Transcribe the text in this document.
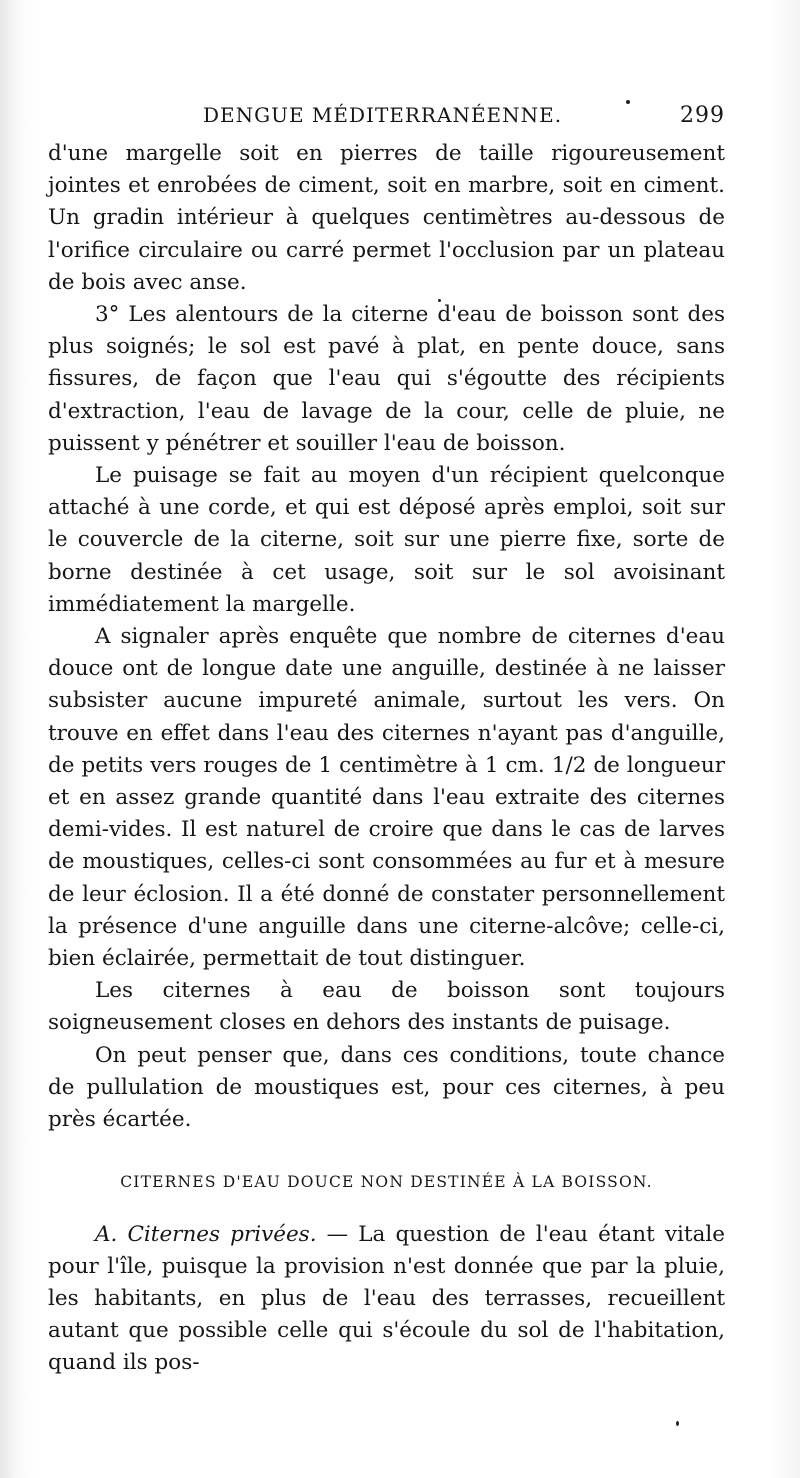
DENGUE MÉDITERRANÉENNE.	299

d'une margelle soit en pierres de taille rigoureusement jointes et enrobées de ciment, soit en marbre, soit en ciment. Un gradin intérieur à quelques centimètres au-dessous de l'orifice circulaire ou carré permet l'occlusion par un plateau de bois avec anse.

3° Les alentours de la citerne d'eau de boisson sont des plus soignés; le sol est pavé à plat, en pente douce, sans fissures, de façon que l'eau qui s'égoutte des récipients d'extraction, l'eau de lavage de la cour, celle de pluie, ne puissent y pénétrer et souiller l'eau de boisson.

Le puisage se fait au moyen d'un récipient quelconque attaché à une corde, et qui est déposé après emploi, soit sur le couvercle de la citerne, soit sur une pierre fixe, sorte de borne destinée à cet usage, soit sur le sol avoisinant immédiatement la margelle.

A signaler après enquête que nombre de citernes d'eau douce ont de longue date une anguille, destinée à ne laisser subsister aucune impureté animale, surtout les vers. On trouve en effet dans l'eau des citernes n'ayant pas d'anguille, de petits vers rouges de 1 centimètre à 1 cm. 1/2 de longueur et en assez grande quantité dans l'eau extraite des citernes demi-vides. Il est naturel de croire que dans le cas de larves de moustiques, celles-ci sont consommées au fur et à mesure de leur éclosion. Il a été donné de constater personnellement la présence d'une anguille dans une citerne-alcôve; celle-ci, bien éclairée, permettait de tout distinguer.

Les citernes à eau de boisson sont toujours soigneusement closes en dehors des instants de puisage.

On peut penser que, dans ces conditions, toute chance de pullulation de moustiques est, pour ces citernes, à peu près écartée.

CITERNES D'EAU DOUCE NON DESTINÉE À LA BOISSON.

A. Citernes privées. — La question de l'eau étant vitale pour l'île, puisque la provision n'est donnée que par la pluie, les habitants, en plus de l'eau des terrasses, recueillent autant que possible celle qui s'écoule du sol de l'habitation, quand ils pos-
